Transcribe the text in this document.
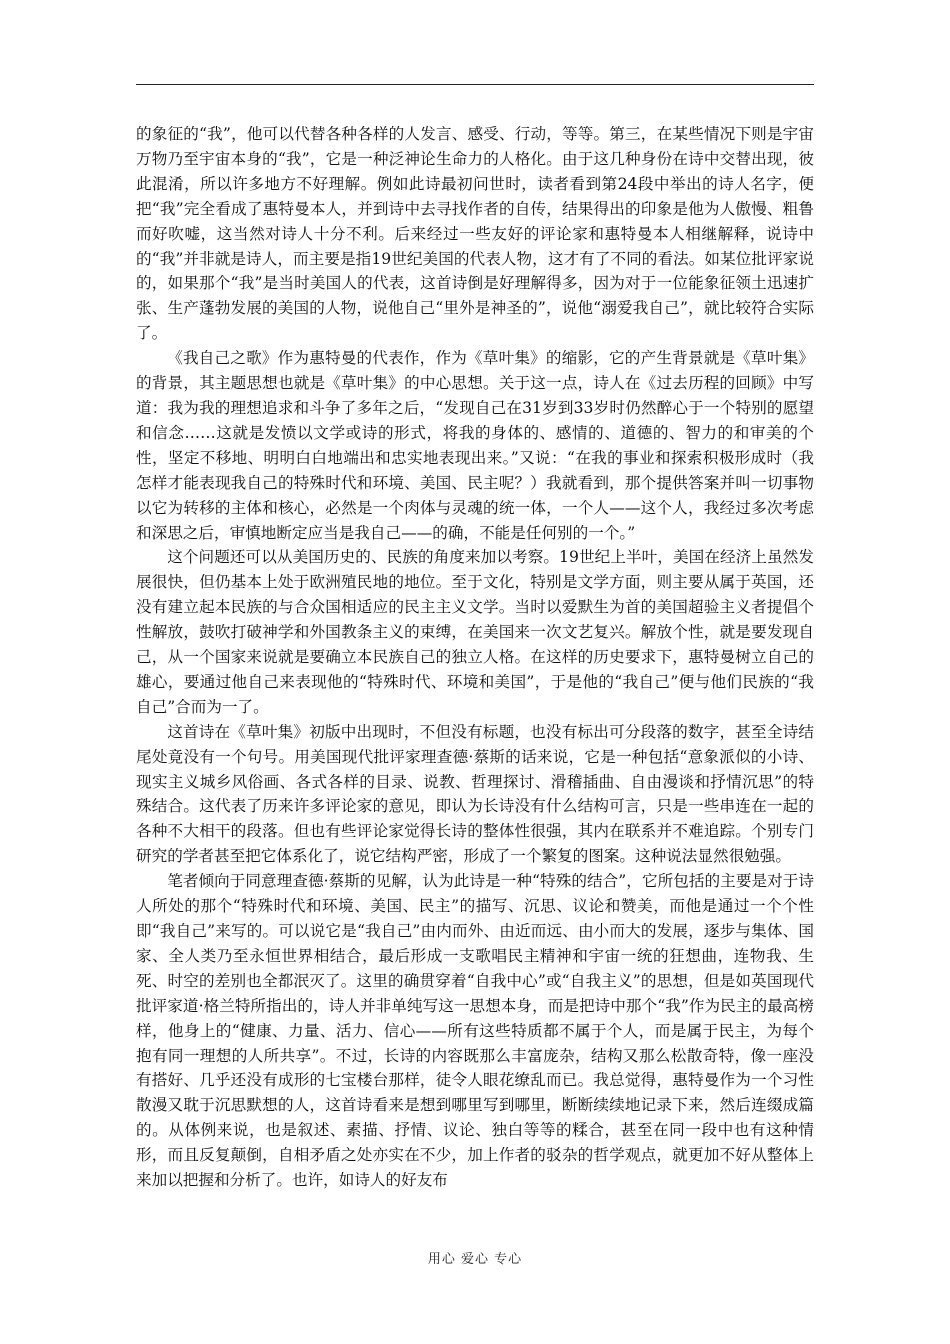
的象征的“我”，他可以代替各种各样的人发言、感受、行动，等等。第三，在某些情况下则是宇宙万物乃至宇宙本身的“我”，它是一种泛神论生命力的人格化。由于这几种身份在诗中交替出现，彼此混淆，所以许多地方不好理解。例如此诗最初问世时，读者看到第24段中举出的诗人名字，便把“我”完全看成了惠特曼本人，并到诗中去寻找作者的自传，结果得出的印象是他为人傲慢、粗鲁而好吹嘘，这当然对诗人十分不利。后来经过一些友好的评论家和惠特曼本人相继解释，说诗中的“我”并非就是诗人，而主要是指19世纪美国的代表人物，这才有了不同的看法。如某位批评家说的，如果那个“我”是当时美国人的代表，这首诗倒是好理解得多，因为对于一位能象征领土迅速扩张、生产蓬勃发展的美国的人物，说他自己“里外是神圣的”，说他“溺爱我自己”，就比较符合实际了。

《我自己之歌》作为惠特曼的代表作，作为《草叶集》的缩影，它的产生背景就是《草叶集》的背景，其主题思想也就是《草叶集》的中心思想。关于这一点，诗人在《过去历程的回顾》中写道：我为我的理想追求和斗争了多年之后，“发现自己在31岁到33岁时仍然醉心于一个特别的愿望和信念……这就是发愤以文学或诗的形式，将我的身体的、感情的、道德的、智力的和审美的个性，坚定不移地、明明白白地端出和忠实地表现出来。”又说：“在我的事业和探索积极形成时（我怎样才能表现我自己的特殊时代和环境、美国、民主呢？）我就看到，那个提供答案并叫一切事物以它为转移的主体和核心，必然是一个肉体与灵魂的统一体，一个人——这个人，我经过多次考虑和深思之后，审慎地断定应当是我自己——的确，不能是任何别的一个。”

这个问题还可以从美国历史的、民族的角度来加以考察。19世纪上半叶，美国在经济上虽然发展很快，但仍基本上处于欧洲殖民地的地位。至于文化，特别是文学方面，则主要从属于英国，还没有建立起本民族的与合众国相适应的民主主义文学。当时以爱默生为首的美国超验主义者提倡个性解放，鼓吹打破神学和外国教条主义的束缚，在美国来一次文艺复兴。解放个性，就是要发现自己，从一个国家来说就是要确立本民族自己的独立人格。在这样的历史要求下，惠特曼树立自己的雄心，要通过他自己来表现他的“特殊时代、环境和美国”，于是他的“我自己”便与他们民族的“我自己”合而为一了。

这首诗在《草叶集》初版中出现时，不但没有标题，也没有标出可分段落的数字，甚至全诗结尾处竟没有一个句号。用美国现代批评家理查德·蔡斯的话来说，它是一种包括“意象派似的小诗、现实主义城乡风俗画、各式各样的目录、说教、哲理探讨、滑稽插曲、自由漫谈和抒情沉思”的特殊结合。这代表了历来许多评论家的意见，即认为长诗没有什么结构可言，只是一些串连在一起的各种不大相干的段落。但也有些评论家觉得长诗的整体性很强，其内在联系并不难追踪。个别专门研究的学者甚至把它体系化了，说它结构严密，形成了一个繁复的图案。这种说法显然很勉强。

笔者倾向于同意理查德·蔡斯的见解，认为此诗是一种“特殊的结合”，它所包括的主要是对于诗人所处的那个“特殊时代和环境、美国、民主”的描写、沉思、议论和赞美，而他是通过一个个性即“我自己”来写的。可以说它是“我自己”由内而外、由近而远、由小而大的发展，逐步与集体、国家、全人类乃至永恒世界相结合，最后形成一支歌唱民主精神和宇宙一统的狂想曲，连物我、生死、时空的差别也全都泯灭了。这里的确贯穿着“自我中心”或“自我主义”的思想，但是如英国现代批评家道·格兰特所指出的，诗人并非单纯写这一思想本身，而是把诗中那个“我”作为民主的最高榜样，他身上的“健康、力量、活力、信心——所有这些特质都不属于个人，而是属于民主，为每个抱有同一理想的人所共享”。不过，长诗的内容既那么丰富庞杂，结构又那么松散奇特，像一座没有搭好、几乎还没有成形的七宝楼台那样，徒令人眼花缭乱而已。我总觉得，惠特曼作为一个习性散漫又耽于沉思默想的人，这首诗看来是想到哪里写到哪里，断断续续地记录下来，然后连缀成篇的。从体例来说，也是叙述、素描、抒情、议论、独白等等的糅合，甚至在同一段中也有这种情形，而且反复颠倒，自相矛盾之处亦实在不少，加上作者的驳杂的哲学观点，就更加不好从整体上来加以把握和分析了。也许，如诗人的好友布

用心 爱心 专心
